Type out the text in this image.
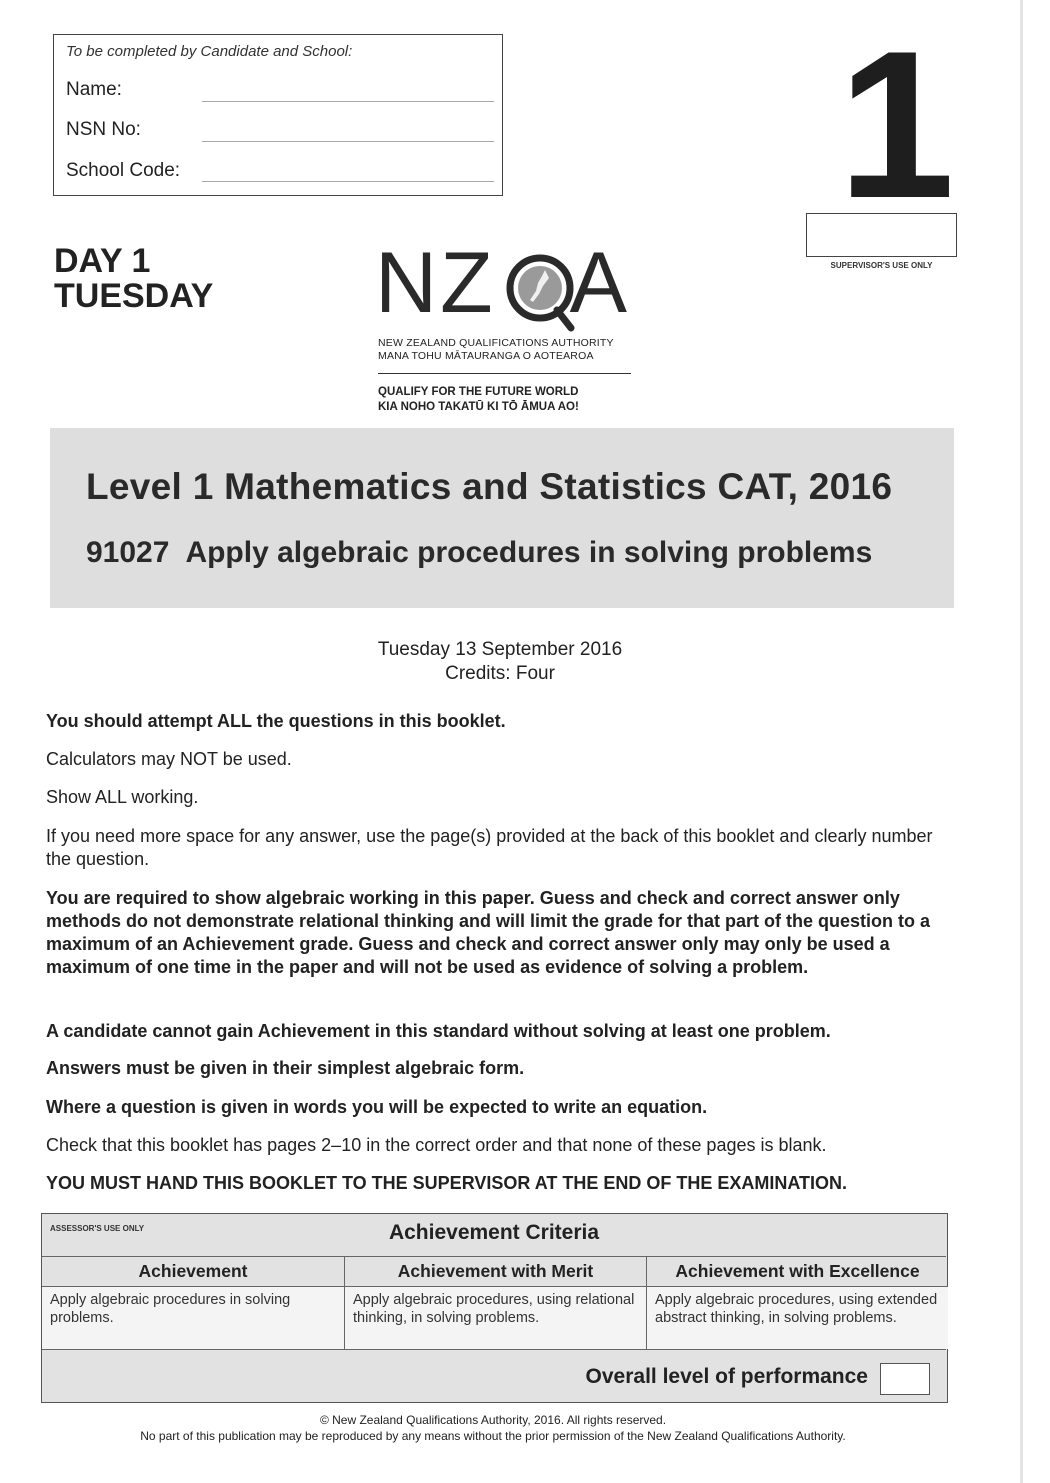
To be completed by Candidate and School:
Name:
NSN No:
School Code:	1
SUPERVISOR'S USE ONLY
DAY 1
TUESDAY NZ A
NEW ZEALAND QUALIFICATIONS AUTHORITY
MANA TOHU MĀTAURANGA O AOTEAROA
QUALIFY FOR THE FUTURE WORLD
KIA NOHO TAKATŪ KI TŌ ĀMUA AO!
Level 1 Mathematics and Statistics CAT, 2016
91027 Apply algebraic procedures in solving problems
Tuesday 13 September 2016
Credits: Four
You should attempt ALL the questions in this booklet.
Calculators may NOT be used.
Show ALL working.
If you need more space for any answer, use the page(s) provided at the back of this booklet and clearly number the question.
You are required to show algebraic working in this paper. Guess and check and correct answer only methods do not demonstrate relational thinking and will limit the grade for that part of the question to a maximum of an Achievement grade. Guess and check and correct answer only may only be used a maximum of one time in the paper and will not be used as evidence of solving a problem.
A candidate cannot gain Achievement in this standard without solving at least one problem.
Answers must be given in their simplest algebraic form.
Where a question is given in words you will be expected to write an equation.
Check that this booklet has pages 2–10 in the correct order and that none of these pages is blank.
YOU MUST HAND THIS BOOKLET TO THE SUPERVISOR AT THE END OF THE EXAMINATION.
Achievement Criteria
ASSESSOR'S USE ONLY
Achievement
Apply algebraic procedures in solving problems.
Achievement with Merit
Apply algebraic procedures, using relational thinking, in solving problems.
Achievement with Excellence
Apply algebraic procedures, using extended abstract thinking, in solving problems.
Overall level of performance
© New Zealand Qualifications Authority, 2016. All rights reserved.
No part of this publication may be reproduced by any means without the prior permission of the New Zealand Qualifications Authority.
